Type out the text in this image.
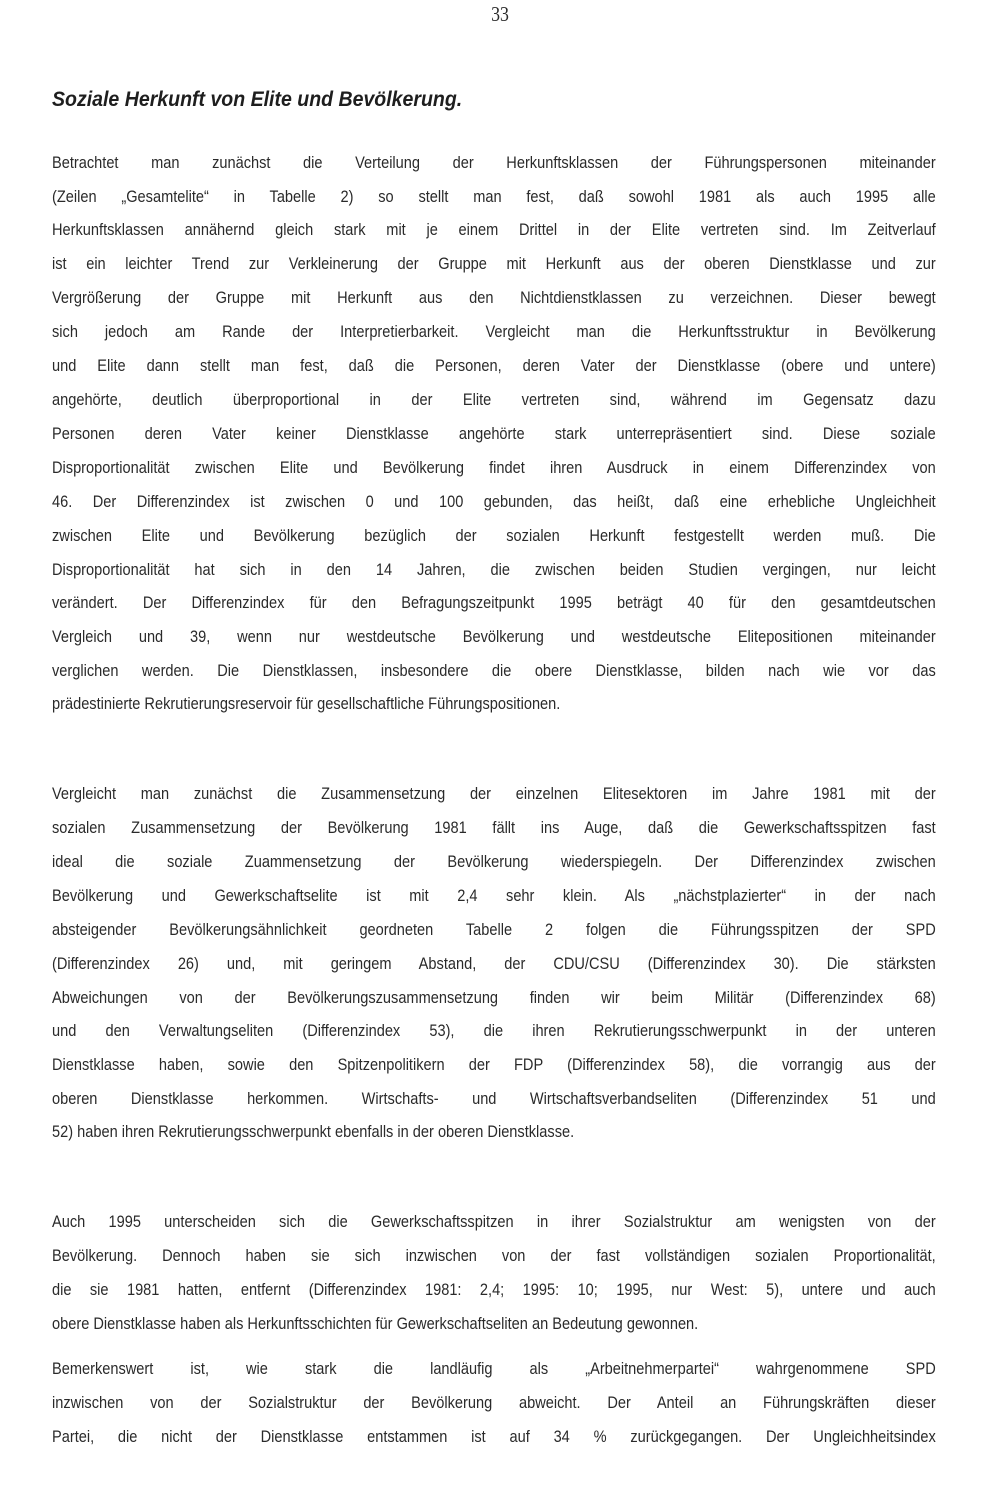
33
Soziale Herkunft von Elite und Bevölkerung.
Betrachtet man zunächst die Verteilung der Herkunftsklassen der Führungspersonen miteinander
(Zeilen „Gesamtelite“ in Tabelle 2) so stellt man fest, daß sowohl 1981 als auch 1995 alle
Herkunftsklassen annähernd gleich stark mit je einem Drittel in der Elite vertreten sind. Im Zeitverlauf
ist ein leichter Trend zur Verkleinerung der Gruppe mit Herkunft aus der oberen Dienstklasse und zur
Vergrößerung der Gruppe mit Herkunft aus den Nichtdienstklassen zu verzeichnen. Dieser bewegt
sich jedoch am Rande der Interpretierbarkeit. Vergleicht man die Herkunftsstruktur in Bevölkerung
und Elite dann stellt man fest, daß die Personen, deren Vater der Dienstklasse (obere und untere)
angehörte, deutlich überproportional in der Elite vertreten sind, während im Gegensatz dazu
Personen deren Vater keiner Dienstklasse angehörte stark unterrepräsentiert sind. Diese soziale
Disproportionalität zwischen Elite und Bevölkerung findet ihren Ausdruck in einem Differenzindex von
46. Der Differenzindex ist zwischen 0 und 100 gebunden, das heißt, daß eine erhebliche Ungleichheit
zwischen Elite und Bevölkerung bezüglich der sozialen Herkunft festgestellt werden muß. Die
Disproportionalität hat sich in den 14 Jahren, die zwischen beiden Studien vergingen, nur leicht
verändert. Der Differenzindex für den Befragungszeitpunkt 1995 beträgt 40 für den gesamtdeutschen
Vergleich und 39, wenn nur westdeutsche Bevölkerung und westdeutsche Elitepositionen miteinander
verglichen werden. Die Dienstklassen, insbesondere die obere Dienstklasse, bilden nach wie vor das
prädestinierte Rekrutierungsreservoir für gesellschaftliche Führungspositionen.
Vergleicht man zunächst die Zusammensetzung der einzelnen Elitesektoren im Jahre 1981 mit der
sozialen Zusammensetzung der Bevölkerung 1981 fällt ins Auge, daß die Gewerkschaftsspitzen fast
ideal die soziale Zuammensetzung der Bevölkerung wiederspiegeln. Der Differenzindex zwischen
Bevölkerung und Gewerkschaftselite ist mit 2,4 sehr klein. Als „nächstplazierter“ in der nach
absteigender Bevölkerungsähnlichkeit geordneten Tabelle 2 folgen die Führungsspitzen der SPD
(Differenzindex 26) und, mit geringem Abstand, der CDU/CSU (Differenzindex 30). Die stärksten
Abweichungen von der Bevölkerungszusammensetzung finden wir beim Militär (Differenzindex 68)
und den Verwaltungseliten (Differenzindex 53), die ihren Rekrutierungsschwerpunkt in der unteren
Dienstklasse haben, sowie den Spitzenpolitikern der FDP (Differenzindex 58), die vorrangig aus der
oberen Dienstklasse herkommen. Wirtschafts- und Wirtschaftsverbandseliten (Differenzindex 51 und
52) haben ihren Rekrutierungsschwerpunkt ebenfalls in der oberen Dienstklasse.
Auch 1995 unterscheiden sich die Gewerkschaftsspitzen in ihrer Sozialstruktur am wenigsten von der
Bevölkerung. Dennoch haben sie sich inzwischen von der fast vollständigen sozialen Proportionalität,
die sie 1981 hatten, entfernt (Differenzindex 1981: 2,4; 1995: 10; 1995, nur West: 5), untere und auch
obere Dienstklasse haben als Herkunftsschichten für Gewerkschaftseliten an Bedeutung gewonnen.
Bemerkenswert ist, wie stark die landläufig als „Arbeitnehmerpartei“ wahrgenommene SPD
inzwischen von der Sozialstruktur der Bevölkerung abweicht. Der Anteil an Führungskräften dieser
Partei, die nicht der Dienstklasse entstammen ist auf 34 % zurückgegangen. Der Ungleichheitsindex
